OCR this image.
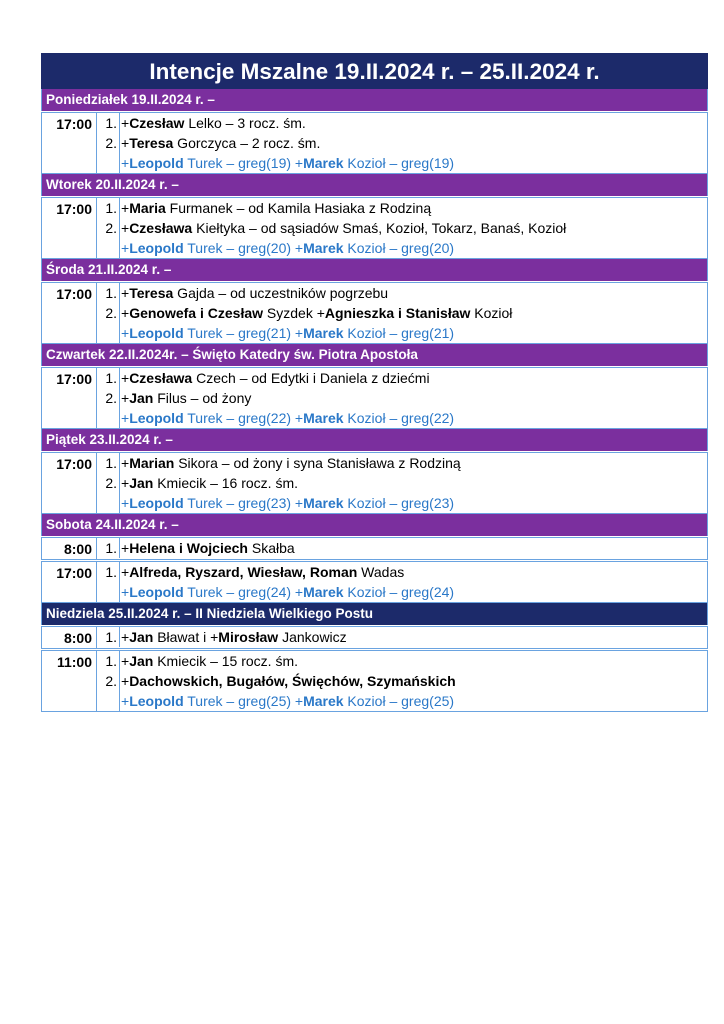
Intencje Mszalne 19.II.2024 r. – 25.II.2024 r.
Poniedziałek 19.II.2024 r. –
17:00 1. +Czesław Lelko – 3 rocz. śm.
2. +Teresa Gorczyca – 2 rocz. śm.
+Leopold Turek – greg(19) +Marek Kozioł – greg(19)
Wtorek 20.II.2024 r. –
17:00 1. +Maria Furmanek – od Kamila Hasiaka z Rodziną
2. +Czesława Kiełtyka – od sąsiadów Smaś, Kozioł, Tokarz, Banaś, Kozioł
+Leopold Turek – greg(20) +Marek Kozioł – greg(20)
Środa 21.II.2024 r. –
17:00 1. +Teresa Gajda – od uczestników pogrzebu
2. +Genowefa i Czesław Syzdek +Agnieszka i Stanisław Kozioł
+Leopold Turek – greg(21) +Marek Kozioł – greg(21)
Czwartek 22.II.2024r. – Święto Katedry św. Piotra Apostoła
17:00 1. +Czesława Czech – od Edytki i Daniela z dziećmi
2. +Jan Filus – od żony
+Leopold Turek – greg(22) +Marek Kozioł – greg(22)
Piątek 23.II.2024 r. –
17:00 1. +Marian Sikora – od żony i syna Stanisława z Rodziną
2. +Jan Kmiecik – 16 rocz. śm.
+Leopold Turek – greg(23) +Marek Kozioł – greg(23)
Sobota 24.II.2024 r. –
8:00 1. +Helena i Wojciech Skałba
17:00 1. +Alfreda, Ryszard, Wiesław, Roman Wadas
+Leopold Turek – greg(24) +Marek Kozioł – greg(24)
Niedziela 25.II.2024 r. – II Niedziela Wielkiego Postu
8:00 1. +Jan Bławat i +Mirosław Jankowicz
11:00 1. +Jan Kmiecik – 15 rocz. śm.
2. +Dachowskich, Bugałów, Święchów, Szymańskich
+Leopold Turek – greg(25) +Marek Kozioł – greg(25)
